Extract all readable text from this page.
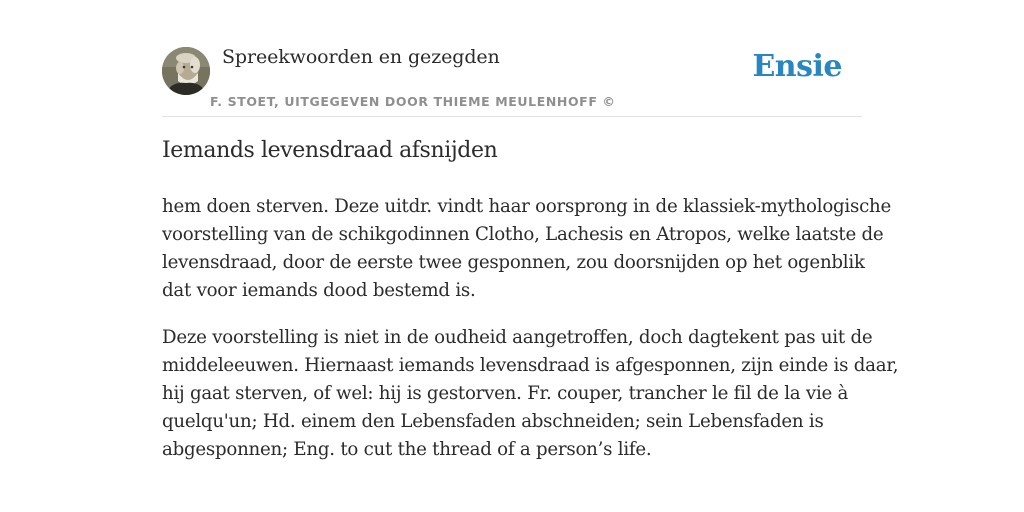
Spreekwoorden en gezegden
F. STOET, UITGEGEVEN DOOR THIEME MEULENHOFF ©
Ensie
Iemands levensdraad afsnijden

hem doen sterven. Deze uitdr. vindt haar oorsprong in de klassiek-mythologische
voorstelling van de schikgodinnen Clotho, Lachesis en Atropos, welke laatste de
levensdraad, door de eerste twee gesponnen, zou doorsnijden op het ogenblik
dat voor iemands dood bestemd is.

Deze voorstelling is niet in de oudheid aangetroffen, doch dagtekent pas uit de
middeleeuwen. Hiernaast iemands levensdraad is afgesponnen, zijn einde is daar,
hij gaat sterven, of wel: hij is gestorven. Fr. couper, trancher le fil de la vie à
quelqu'un; Hd. einem den Lebensfaden abschneiden; sein Lebensfaden is
abgesponnen; Eng. to cut the thread of a person’s life.
